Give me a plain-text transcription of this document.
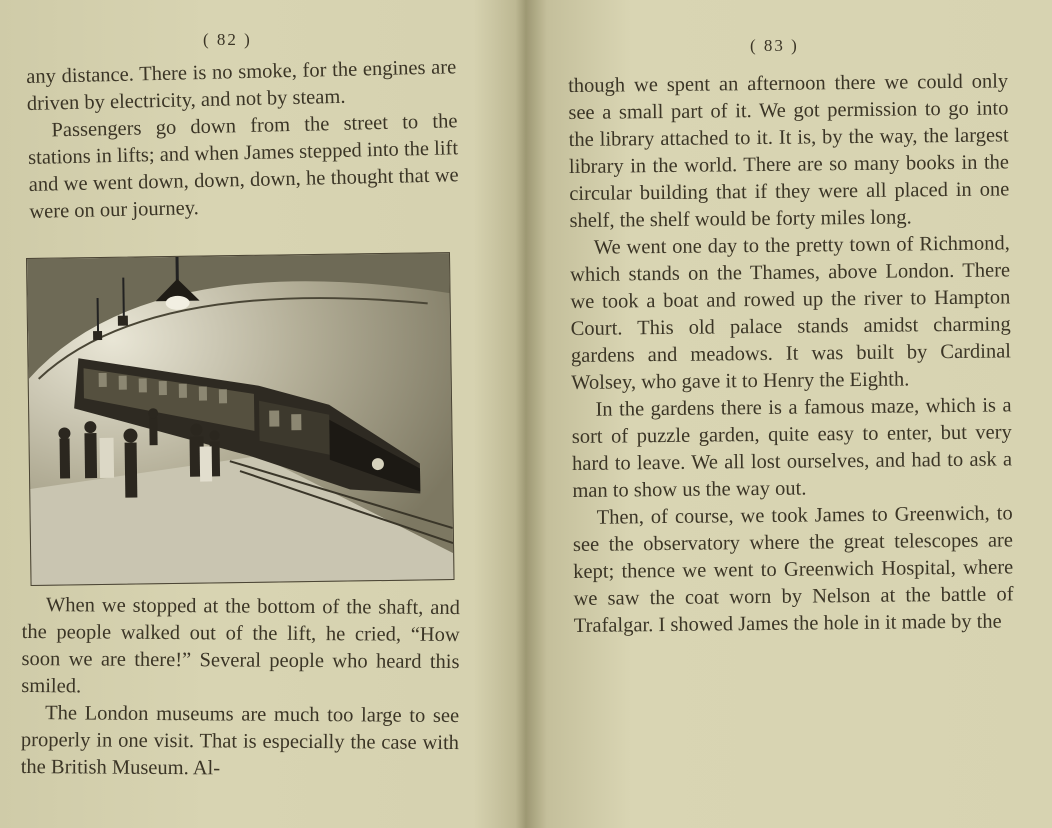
( 82 )

any distance. There is no smoke, for the engines are driven by electricity, and not by steam.

Passengers go down from the street to the stations in lifts; and when James stepped into the lift and we went down, down, down, he thought that we were on our journey.

When we stopped at the bottom of the shaft, and the people walked out of the lift, he cried, “How soon we are there!” Several people who heard this smiled.

The London museums are much too large to see properly in one visit. That is especially the case with the British Museum. Al-

( 83 )

though we spent an afternoon there we could only see a small part of it. We got permission to go into the library attached to it. It is, by the way, the largest library in the world. There are so many books in the circular building that if they were all placed in one shelf, the shelf would be forty miles long.

We went one day to the pretty town of Richmond, which stands on the Thames, above London. There we took a boat and rowed up the river to Hampton Court. This old palace stands amidst charming gardens and meadows. It was built by Cardinal Wolsey, who gave it to Henry the Eighth.

In the gardens there is a famous maze, which is a sort of puzzle garden, quite easy to enter, but very hard to leave. We all lost ourselves, and had to ask a man to show us the way out.

Then, of course, we took James to Greenwich, to see the observatory where the great telescopes are kept; thence we went to Greenwich Hospital, where we saw the coat worn by Nelson at the battle of Trafalgar. I showed James the hole in it made by the
